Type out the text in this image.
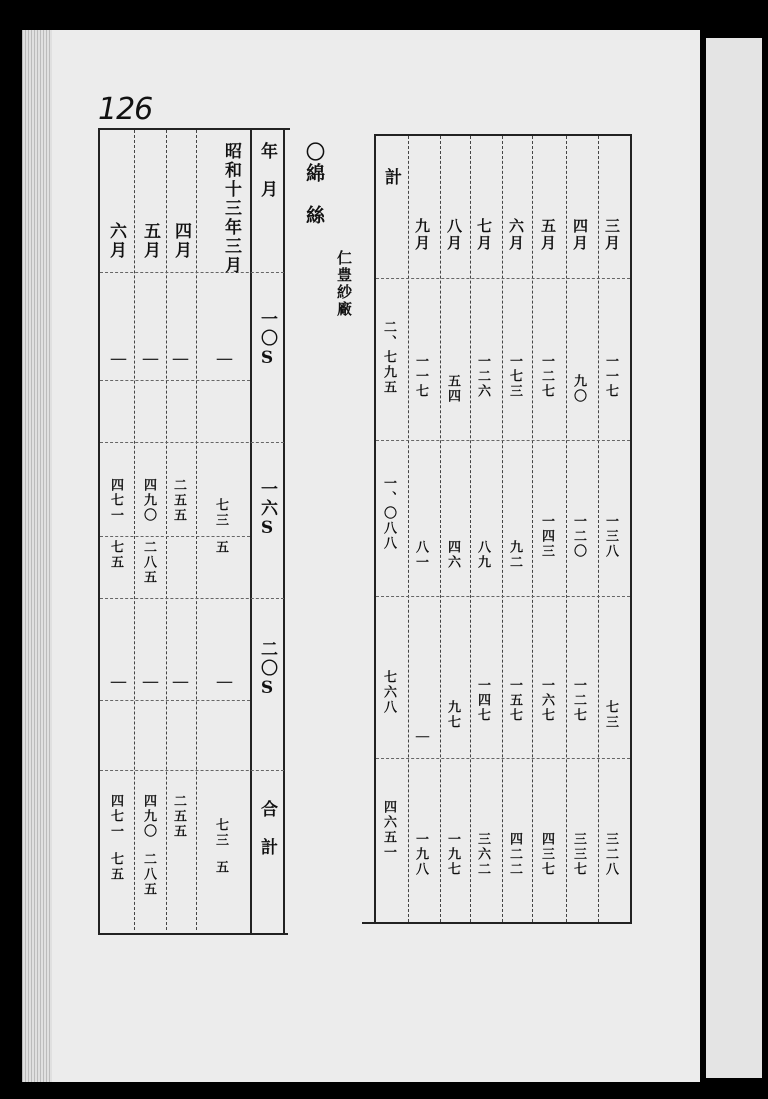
126
年　月
一〇S
一六S
二〇S
合　計
昭和十三年三月
四月
五月
六月
｜
｜
｜
｜
七三
五
二五五
四九〇
二八五
四七一
七五
｜
｜
｜
｜
七三
五
二五五
四九〇
二八五
四七一
七五
〇綿　絲
仁豊紗廠
計
二、七九五
一、〇八八
七六八
四六五一
九月 八月 七月 六月 五月 四月 三月
一一七 五四 一二六 一七三 一二七 九〇 一一七
八一 四六 八九 九二 一四三 一二〇 一三八
｜
九七 一四七 一五七 一六七 一二七 七三
一九八 一九七 三六二 四二二 四三七 三三七 三二八
